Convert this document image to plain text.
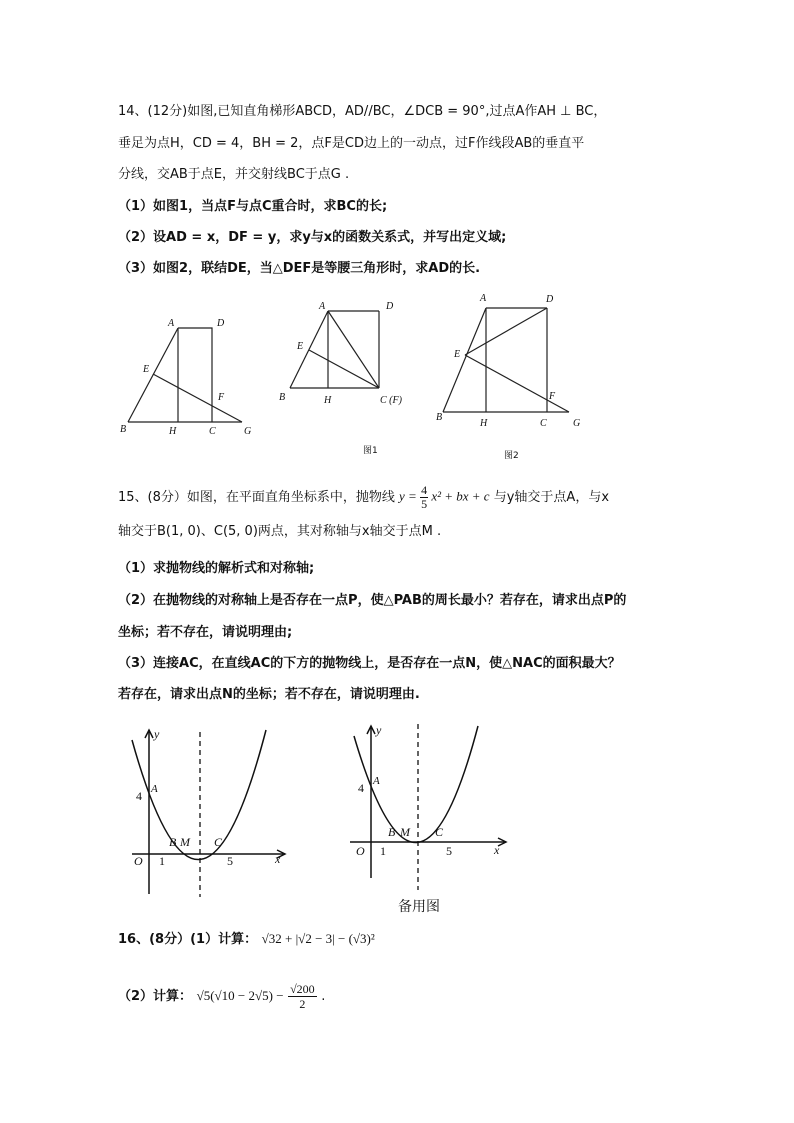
14、(12分)如图,已知直角梯形ABCD，AD//BC，∠DCB = 90°,过点A作AH ⊥ BC，
垂足为点H，CD = 4，BH = 2，点F是CD边上的一动点，过F作线段AB的垂直平
分线，交AB于点E，并交射线BC于点G .
（1）如图1，当点F与点C重合时，求BC的长;
（2）设AD = x，DF = y，求y与x的函数关系式，并写出定义域;
（3）如图2，联结DE，当△DEF是等腰三角形时，求AD的长.
A	D
E
F
B	H	C	G
A	D
E
B	H	C (F)
图1
A	D
E
F
B
H	C	G
图2
15、(8分）如图，在平面直角坐标系中，抛物线 $y = \frac{4}{5} x^2$ + bx + c 与y轴交于点A，与x
轴交于B(1, 0)、C(5, 0)两点，其对称轴与x轴交于点M .
（1）求抛物线的解析式和对称轴;
（2）在抛物线的对称轴上是否存在一点P，使△PAB的周长最小？若存在，请求出点P的
坐标；若不存在，请说明理由;
（3）连接AC，在直线AC的下方的抛物线上，是否存在一点N，使△NAC的面积最大？
若存在，请求出点N的坐标；若不存在，请说明理由.
y
x
O 1
4 A
B M C
5
y
x
O 1
4 A
B M C
5
备用图
16、(8分）(1）计算： √32 + |√2 − 3| − (√3)²
（2）计算： $√5(√10 - 2√5) - \frac{√200}{2}$ .
